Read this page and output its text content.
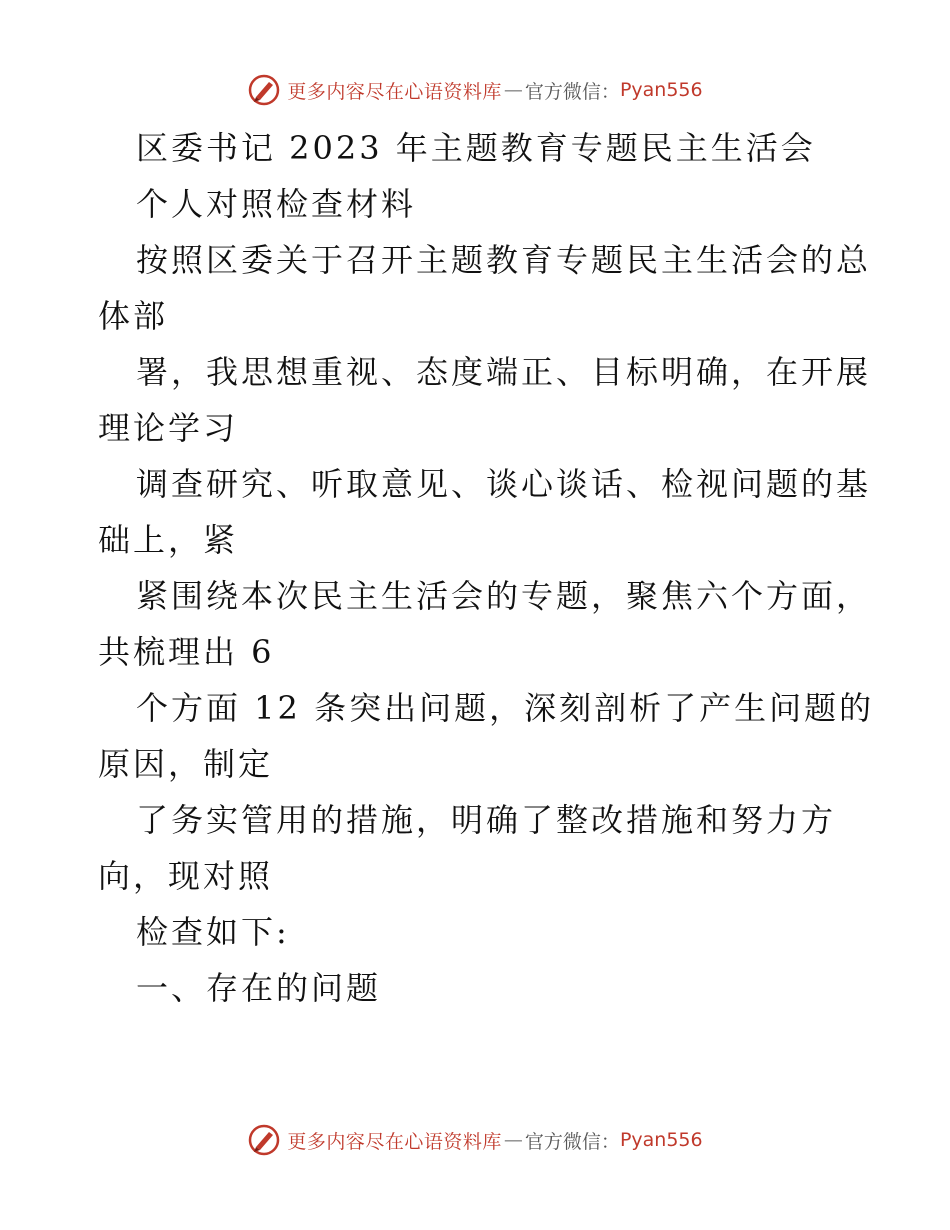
更多内容尽在心语资料库 — 官方微信： Pyan556
区委书记 2023 年主题教育专题民主生活会
个人对照检查材料
按照区委关于召开主题教育专题民主生活会的总
体部
署，我思想重视、态度端正、目标明确，在开展
理论学习
调查研究、听取意见、谈心谈话、检视问题的基
础上，紧
紧围绕本次民主生活会的专题，聚焦六个方面，
共梳理出 6
个方面 12 条突出问题，深刻剖析了产生问题的
原因，制定
了务实管用的措施，明确了整改措施和努力方
向，现对照
检查如下:
一、存在的问题
更多内容尽在心语资料库 — 官方微信： Pyan556
